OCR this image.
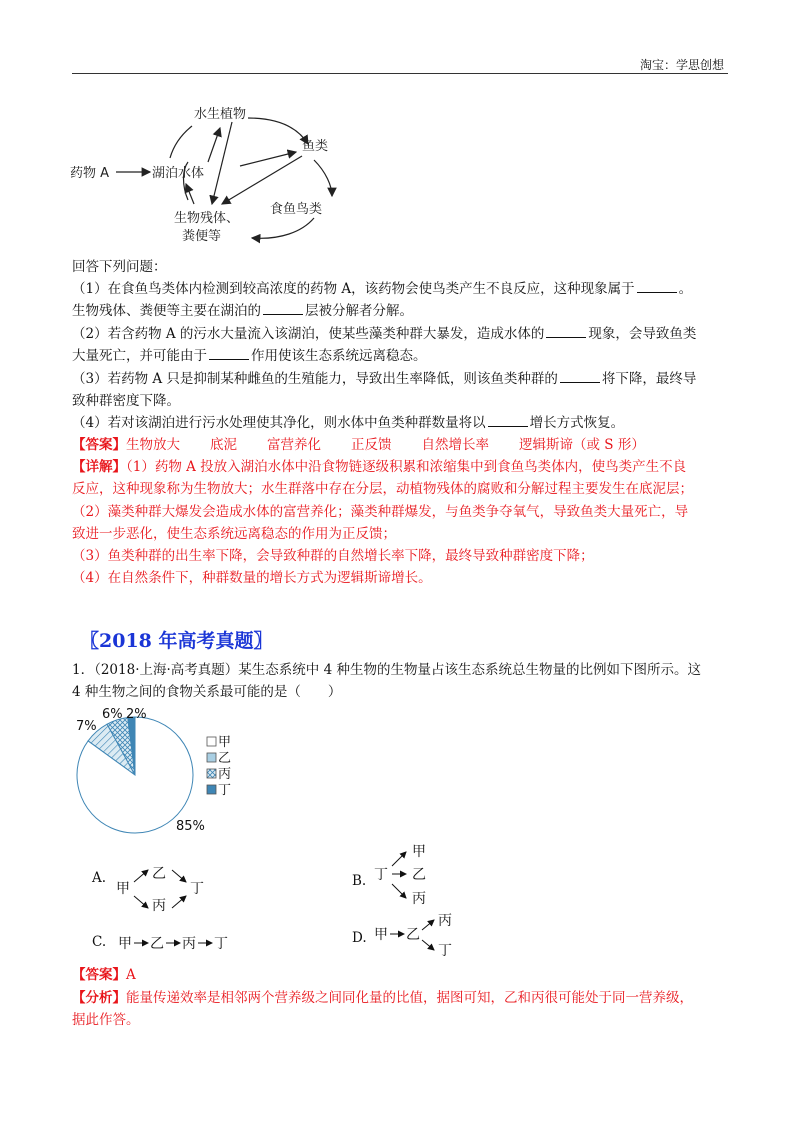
淘宝：学思创想
水生植物
鱼类
药物 A	湖泊水体
食鱼鸟类
生物残体、
粪便等
回答下列问题：
（1）在食鱼鸟类体内检测到较高浓度的药物 A，该药物会使鸟类产生不良反应，这种现象属于	。
生物残体、粪便等主要在湖泊的	层被分解者分解。
（2）若含药物 A 的污水大量流入该湖泊，使某些藻类种群大暴发，造成水体的	现象，会导致鱼类
大量死亡，并可能由于	作用使该生态系统远离稳态。
（3）若药物 A 只是抑制某种雌鱼的生殖能力，导致出生率降低，则该鱼类种群的	将下降，最终导
致种群密度下降。
（4）若对该湖泊进行污水处理使其净化，则水体中鱼类种群数量将以	增长方式恢复。
【答案】生物放大 底泥 富营养化 正反馈 自然增长率 逻辑斯谛（或 S 形）
【详解】（1）药物 A 投放入湖泊水体中沿食物链逐级积累和浓缩集中到食鱼鸟类体内，使鸟类产生不良
反应，这种现象称为生物放大；水生群落中存在分层，动植物残体的腐败和分解过程主要发生在底泥层；
（2）藻类种群大爆发会造成水体的富营养化；藻类种群爆发，与鱼类争夺氧气，导致鱼类大量死亡，导
致进一步恶化，使生态系统远离稳态的作用为正反馈；
（3）鱼类种群的出生率下降，会导致种群的自然增长率下降，最终导致种群密度下降；
（4）在自然条件下，种群数量的增长方式为逻辑斯谛增长。
〖2018 年高考真题〗
1．（2018·上海·高考真题）某生态系统中 4 种生物的生物量占该生态系统总生物量的比例如下图所示。这
4 种生物之间的食物关系最可能的是（　　）
7%
6% 2%
85%
甲
乙
丙
丁
A.
甲
乙
丙
丁	B. 丁
甲
乙
丙
C. 甲 乙 丙 丁	D. 甲 乙
丙
丁
【答案】A
【分析】能量传递效率是相邻两个营养级之间同化量的比值，据图可知，乙和丙很可能处于同一营养级，
据此作答。
